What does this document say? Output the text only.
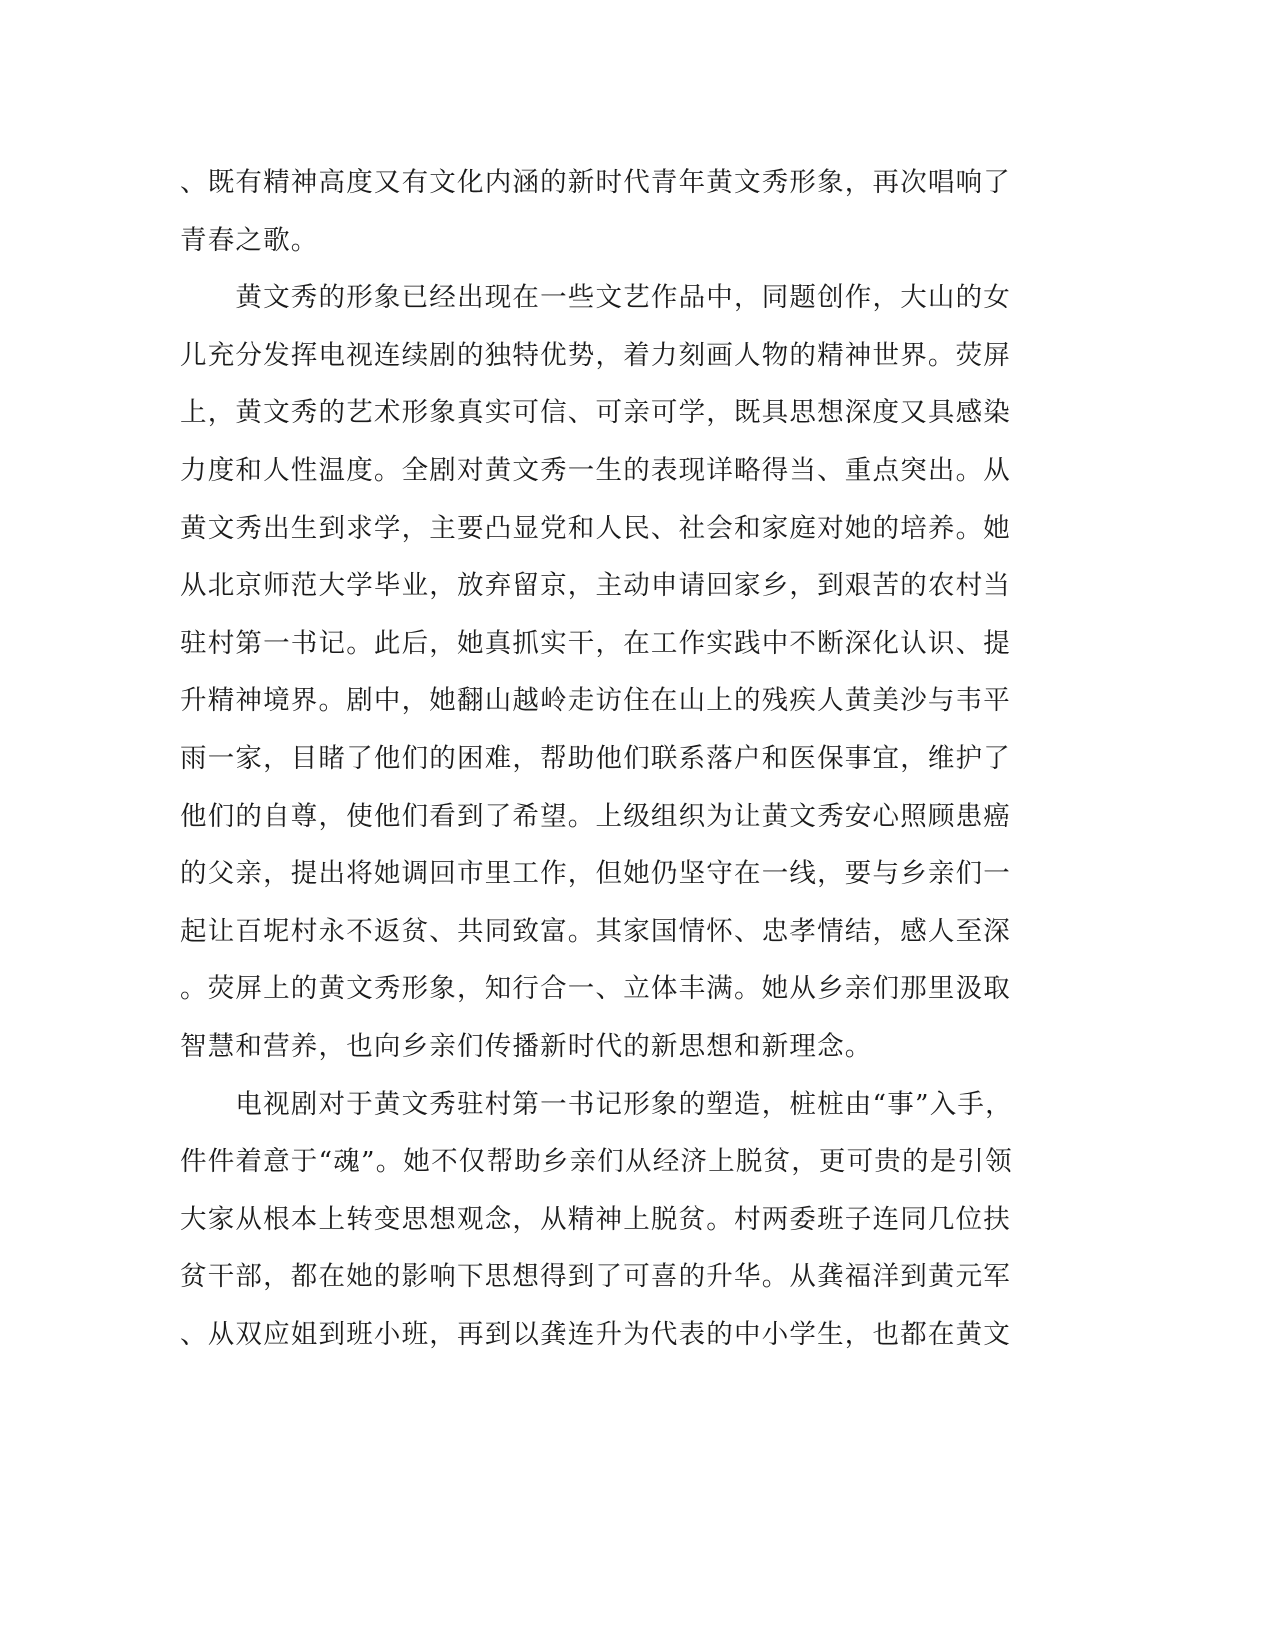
、既有精神高度又有文化内涵的新时代青年黄文秀形象，再次唱响了
青春之歌。
　　黄文秀的形象已经出现在一些文艺作品中，同题创作，大山的女
儿充分发挥电视连续剧的独特优势，着力刻画人物的精神世界。荧屏
上，黄文秀的艺术形象真实可信、可亲可学，既具思想深度又具感染
力度和人性温度。全剧对黄文秀一生的表现详略得当、重点突出。从
黄文秀出生到求学，主要凸显党和人民、社会和家庭对她的培养。她
从北京师范大学毕业，放弃留京，主动申请回家乡，到艰苦的农村当
驻村第一书记。此后，她真抓实干，在工作实践中不断深化认识、提
升精神境界。剧中，她翻山越岭走访住在山上的残疾人黄美沙与韦平
雨一家，目睹了他们的困难，帮助他们联系落户和医保事宜，维护了
他们的自尊，使他们看到了希望。上级组织为让黄文秀安心照顾患癌
的父亲，提出将她调回市里工作，但她仍坚守在一线，要与乡亲们一
起让百坭村永不返贫、共同致富。其家国情怀、忠孝情结，感人至深
。荧屏上的黄文秀形象，知行合一、立体丰满。她从乡亲们那里汲取
智慧和营养，也向乡亲们传播新时代的新思想和新理念。
　　电视剧对于黄文秀驻村第一书记形象的塑造，桩桩由“事”入手，
件件着意于“魂”。她不仅帮助乡亲们从经济上脱贫，更可贵的是引领
大家从根本上转变思想观念，从精神上脱贫。村两委班子连同几位扶
贫干部，都在她的影响下思想得到了可喜的升华。从龚福洋到黄元军
、从双应姐到班小班，再到以龚连升为代表的中小学生，也都在黄文
